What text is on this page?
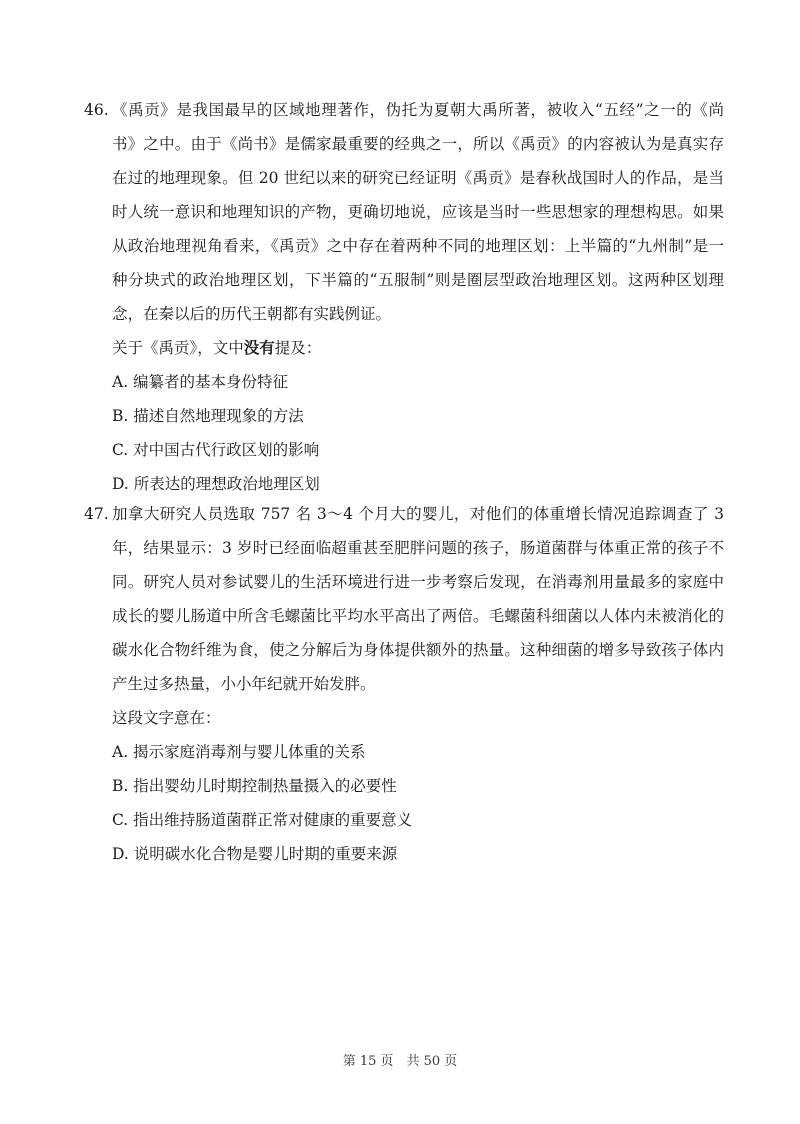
46. 《禹贡》是我国最早的区域地理著作，伪托为夏朝大禹所著，被收入“五经”之一的《尚书》之中。由于《尚书》是儒家最重要的经典之一，所以《禹贡》的内容被认为是真实存在过的地理现象。但 20 世纪以来的研究已经证明《禹贡》是春秋战国时人的作品，是当时人统一意识和地理知识的产物，更确切地说，应该是当时一些思想家的理想构思。如果从政治地理视角看来，《禹贡》之中存在着两种不同的地理区划：上半篇的“九州制”是一种分块式的政治地理区划，下半篇的“五服制”则是圈层型政治地理区划。这两种区划理念，在秦以后的历代王朝都有实践例证。
关于《禹贡》，文中没有提及：
A. 编纂者的基本身份特征
B. 描述自然地理现象的方法
C. 对中国古代行政区划的影响
D. 所表达的理想政治地理区划
47. 加拿大研究人员选取 757 名 3～4 个月大的婴儿，对他们的体重增长情况追踪调查了 3 年，结果显示：3 岁时已经面临超重甚至肥胖问题的孩子，肠道菌群与体重正常的孩子不同。研究人员对参试婴儿的生活环境进行进一步考察后发现，在消毒剂用量最多的家庭中成长的婴儿肠道中所含毛螺菌比平均水平高出了两倍。毛螺菌科细菌以人体内未被消化的碳水化合物纤维为食，使之分解后为身体提供额外的热量。这种细菌的增多导致孩子体内产生过多热量，小小年纪就开始发胖。
这段文字意在：
A. 揭示家庭消毒剂与婴儿体重的关系
B. 指出婴幼儿时期控制热量摄入的必要性
C. 指出维持肠道菌群正常对健康的重要意义
D. 说明碳水化合物是婴儿时期的重要来源
第 15 页　共 50 页
